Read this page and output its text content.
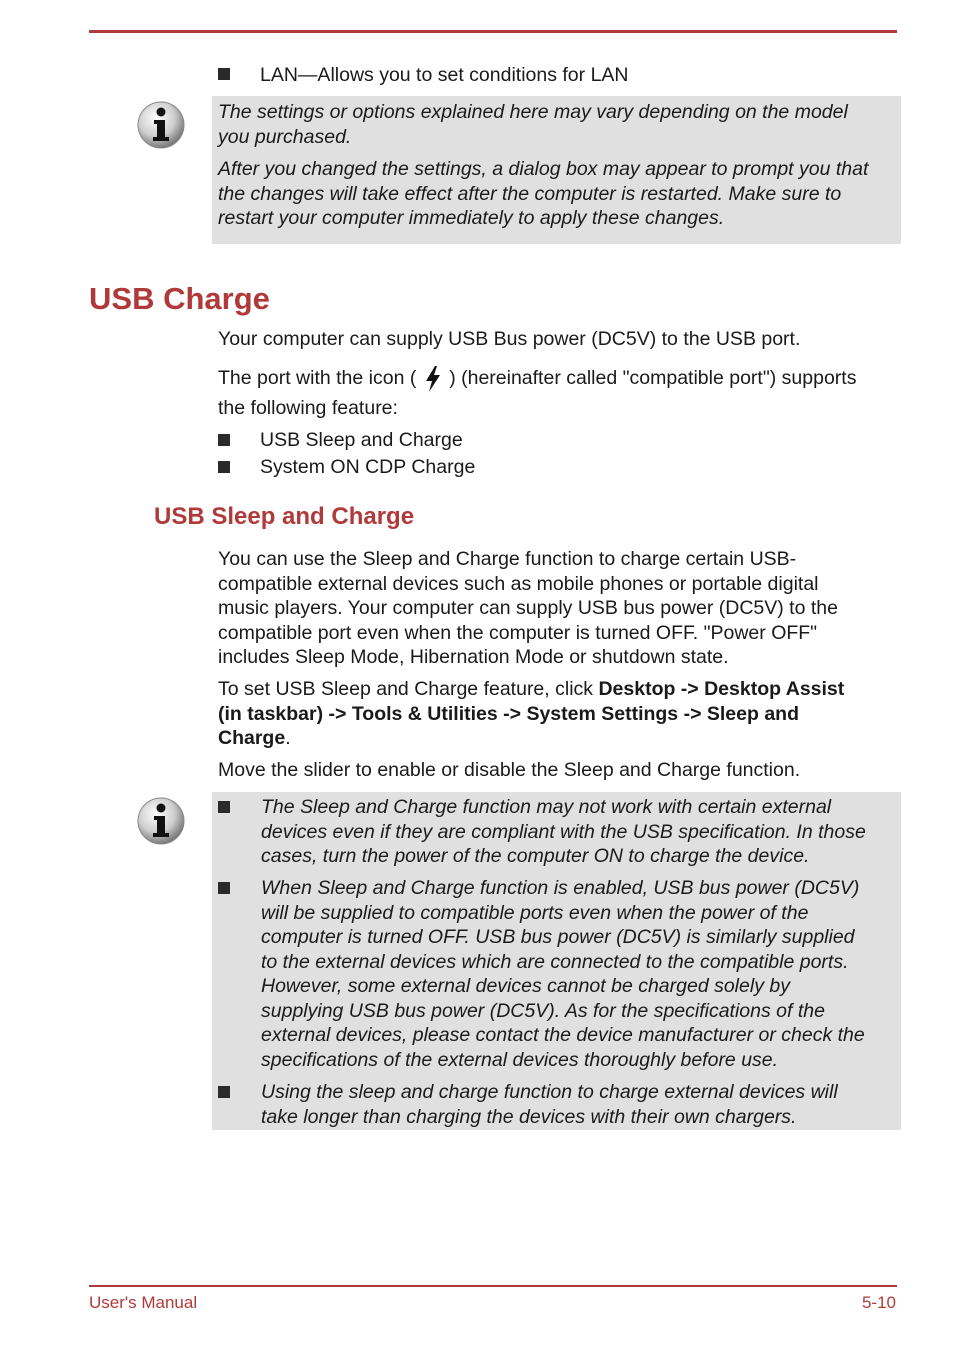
LAN—Allows you to set conditions for LAN
The settings or options explained here may vary depending on the model
you purchased.
After you changed the settings, a dialog box may appear to prompt you that
the changes will take effect after the computer is restarted. Make sure to
restart your computer immediately to apply these changes.
USB Charge
Your computer can supply USB Bus power (DC5V) to the USB port.
The port with the icon ( ) (hereinafter called "compatible port") supports
the following feature:
USB Sleep and Charge
System ON CDP Charge
USB Sleep and Charge
You can use the Sleep and Charge function to charge certain USB-
compatible external devices such as mobile phones or portable digital
music players. Your computer can supply USB bus power (DC5V) to the
compatible port even when the computer is turned OFF. "Power OFF"
includes Sleep Mode, Hibernation Mode or shutdown state.
To set USB Sleep and Charge feature, click Desktop -> Desktop Assist
(in taskbar) -> Tools & Utilities -> System Settings -> Sleep and
Charge.
Move the slider to enable or disable the Sleep and Charge function.
The Sleep and Charge function may not work with certain external
devices even if they are compliant with the USB specification. In those
cases, turn the power of the computer ON to charge the device.
When Sleep and Charge function is enabled, USB bus power (DC5V)
will be supplied to compatible ports even when the power of the
computer is turned OFF. USB bus power (DC5V) is similarly supplied
to the external devices which are connected to the compatible ports.
However, some external devices cannot be charged solely by
supplying USB bus power (DC5V). As for the specifications of the
external devices, please contact the device manufacturer or check the
specifications of the external devices thoroughly before use.
Using the sleep and charge function to charge external devices will
take longer than charging the devices with their own chargers.
User's Manual	5-10
